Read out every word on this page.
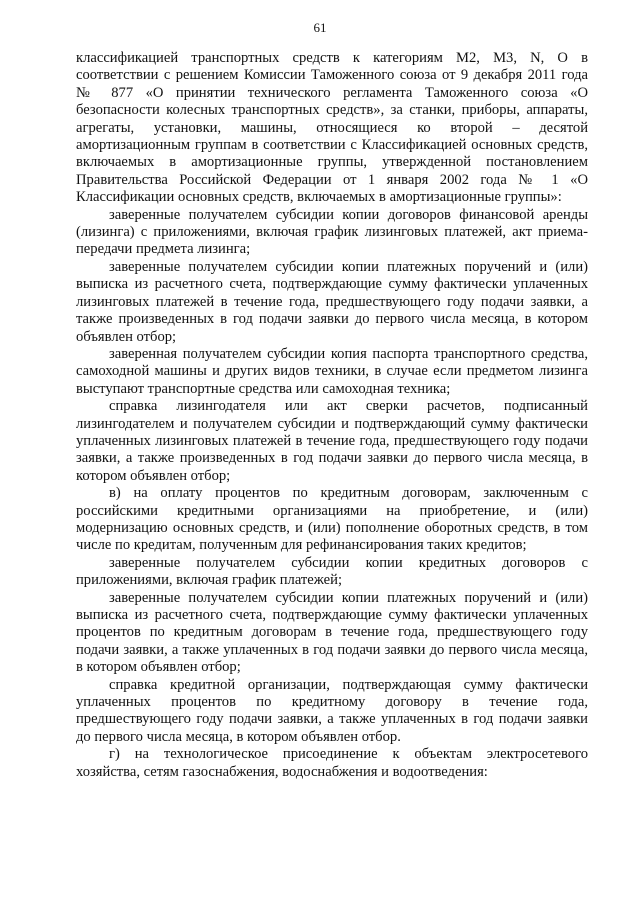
61

классификацией транспортных средств к категориям М2, М3, N, О в соответствии с решением Комиссии Таможенного союза от 9 декабря 2011 года № 877 «О принятии технического регламента Таможенного союза «О безопасности колесных транспортных средств», за станки, приборы, аппараты, агрегаты, установки, машины, относящиеся ко второй – десятой амортизационным группам в соответствии с Классификацией основных средств, включаемых в амортизационные группы, утвержденной постановлением Правительства Российской Федерации от 1 января 2002 года № 1 «О Классификации основных средств, включаемых в амортизационные группы»:

заверенные получателем субсидии копии договоров финансовой аренды (лизинга) с приложениями, включая график лизинговых платежей, акт приема-передачи предмета лизинга;

заверенные получателем субсидии копии платежных поручений и (или) выписка из расчетного счета, подтверждающие сумму фактически уплаченных лизинговых платежей в течение года, предшествующего году подачи заявки, а также произведенных в год подачи заявки до первого числа месяца, в котором объявлен отбор;

заверенная получателем субсидии копия паспорта транспортного средства, самоходной машины и других видов техники, в случае если предметом лизинга выступают транспортные средства или самоходная техника;

справка лизингодателя или акт сверки расчетов, подписанный лизингодателем и получателем субсидии и подтверждающий сумму фактически уплаченных лизинговых платежей в течение года, предшествующего году подачи заявки, а также произведенных в год подачи заявки до первого числа месяца, в котором объявлен отбор;

в) на оплату процентов по кредитным договорам, заключенным с российскими кредитными организациями на приобретение, и (или) модернизацию основных средств, и (или) пополнение оборотных средств, в том числе по кредитам, полученным для рефинансирования таких кредитов;

заверенные получателем субсидии копии кредитных договоров с приложениями, включая график платежей;

заверенные получателем субсидии копии платежных поручений и (или) выписка из расчетного счета, подтверждающие сумму фактически уплаченных процентов по кредитным договорам в течение года, предшествующего году подачи заявки, а также уплаченных в год подачи заявки до первого числа месяца, в котором объявлен отбор;

справка кредитной организации, подтверждающая сумму фактически уплаченных процентов по кредитному договору в течение года, предшествующего году подачи заявки, а также уплаченных в год подачи заявки до первого числа месяца, в котором объявлен отбор.

г) на технологическое присоединение к объектам электросетевого хозяйства, сетям газоснабжения, водоснабжения и водоотведения:
